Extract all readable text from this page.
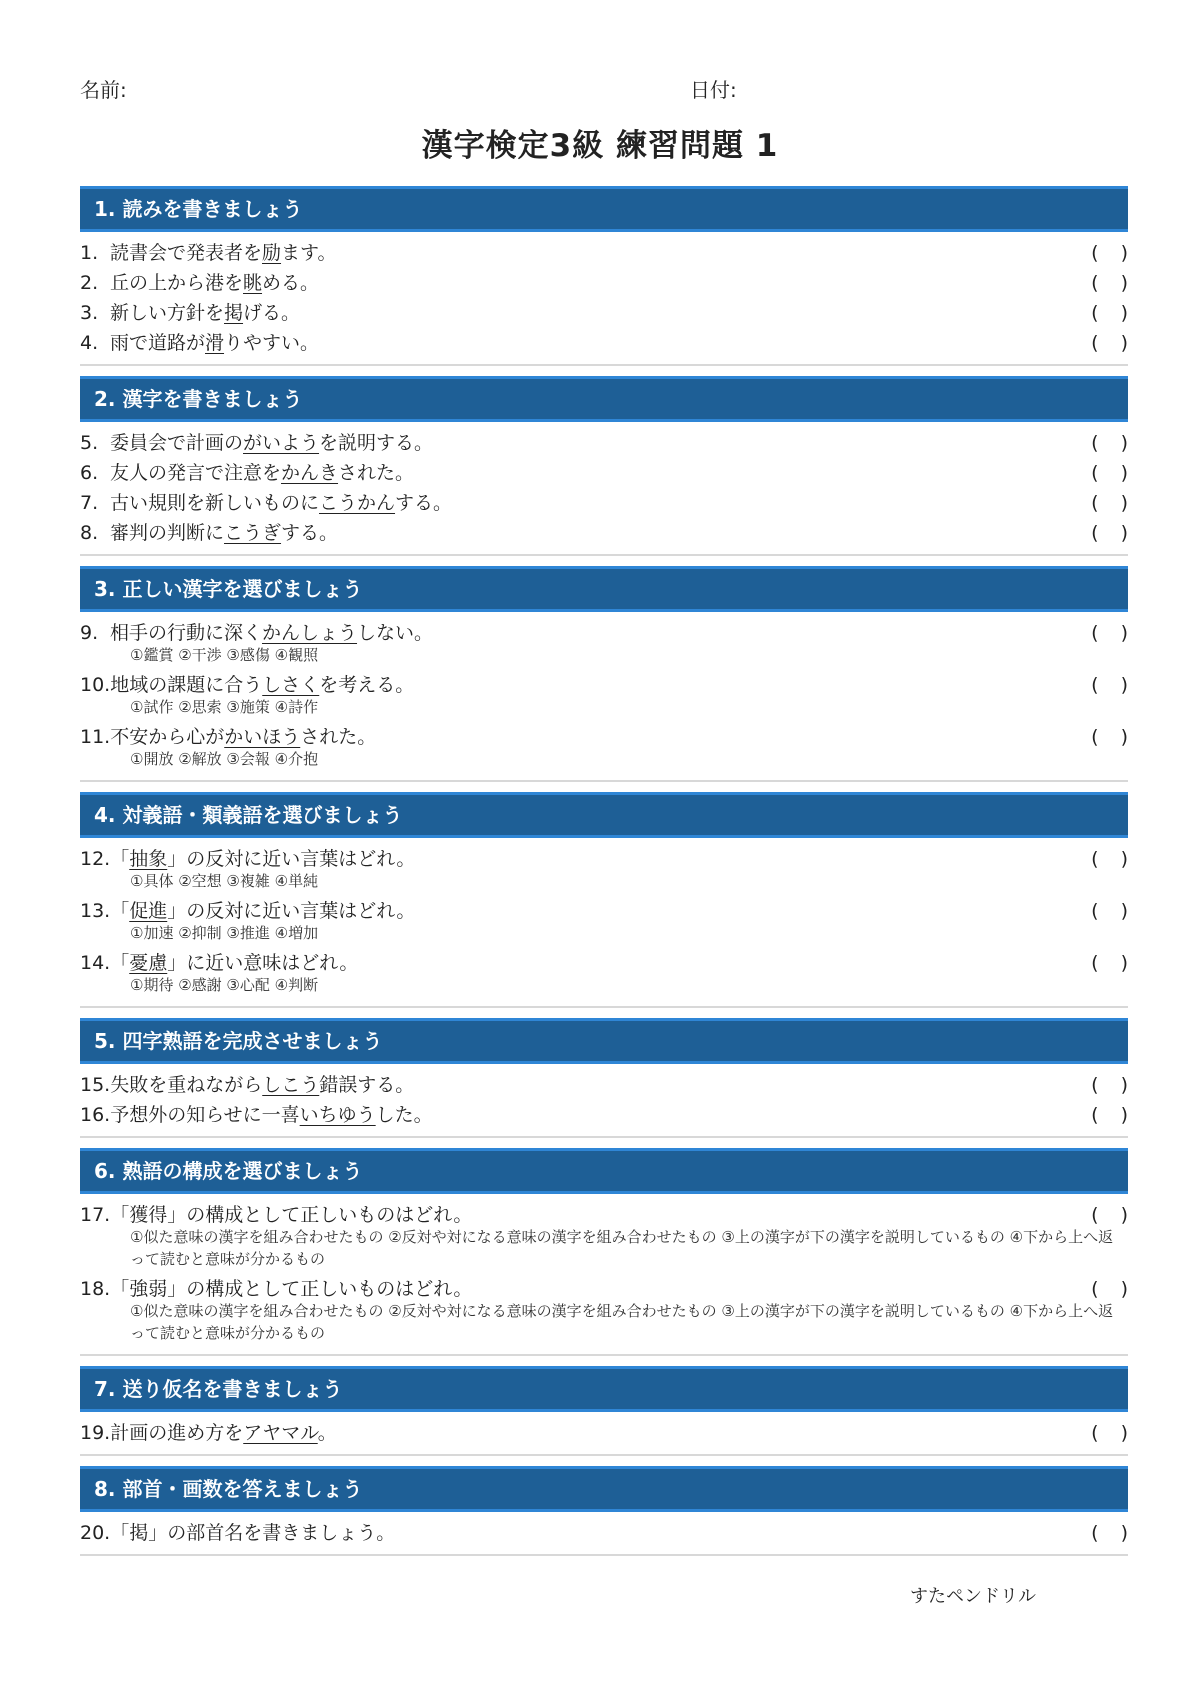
名前:	日付:
漢字検定3級 練習問題 1
1. 読みを書きましょう
1. 読書会で発表者を励ます。	( )
2. 丘の上から港を眺める。	( )
3. 新しい方針を掲げる。	( )
4. 雨で道路が滑りやすい。	( )
2. 漢字を書きましょう
5. 委員会で計画のがいようを説明する。	( )
6. 友人の発言で注意をかんきされた。	( )
7. 古い規則を新しいものにこうかんする。	( )
8. 審判の判断にこうぎする。	( )
3. 正しい漢字を選びましょう
9. 相手の行動に深くかんしょうしない。	( )
①鑑賞 ②干渉 ③感傷 ④観照
10.地域の課題に合うしさくを考える。	( )
①試作 ②思索 ③施策 ④詩作
11.不安から心がかいほうされた。	( )
①開放 ②解放 ③会報 ④介抱
4. 対義語・類義語を選びましょう
12.「抽象」の反対に近い言葉はどれ。	( )
①具体 ②空想 ③複雑 ④単純
13.「促進」の反対に近い言葉はどれ。	( )
①加速 ②抑制 ③推進 ④増加
14.「憂慮」に近い意味はどれ。	( )
①期待 ②感謝 ③心配 ④判断
5. 四字熟語を完成させましょう
15.失敗を重ねながらしこう錯誤する。	( )
16.予想外の知らせに一喜いちゆうした。	( )
6. 熟語の構成を選びましょう
17.「獲得」の構成として正しいものはどれ。	( )
①似た意味の漢字を組み合わせたもの ②反対や対になる意味の漢字を組み合わせたもの ③上の漢字が下の漢字を説明しているもの ④下から上へ返って読むと意味が分かるもの
18.「強弱」の構成として正しいものはどれ。	( )
①似た意味の漢字を組み合わせたもの ②反対や対になる意味の漢字を組み合わせたもの ③上の漢字が下の漢字を説明しているもの ④下から上へ返って読むと意味が分かるもの
7. 送り仮名を書きましょう
19.計画の進め方をアヤマル。	( )
8. 部首・画数を答えましょう
20.「掲」の部首名を書きましょう。	( )
すたペンドリル
